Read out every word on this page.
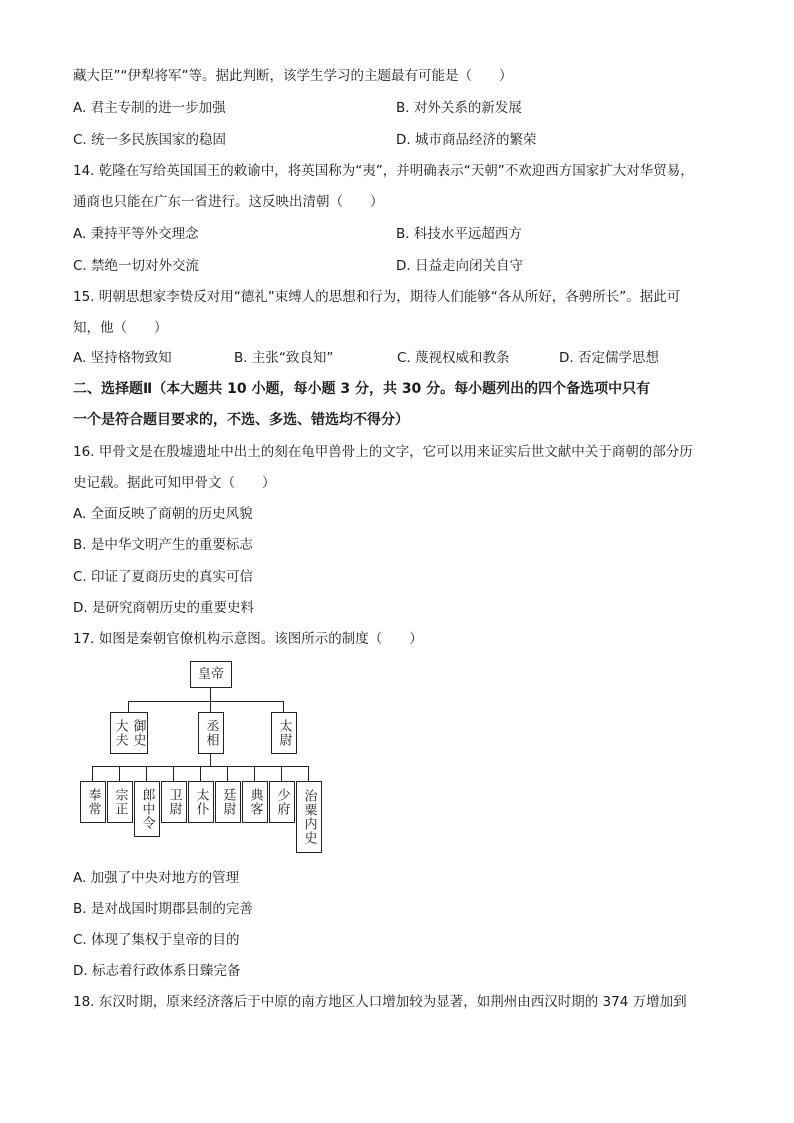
藏大臣”“伊犁将军”等。据此判断，该学生学习的主题最有可能是（　　）
A. 君主专制的进一步加强	B. 对外关系的新发展
C. 统一多民族国家的稳固	D. 城市商品经济的繁荣
14. 乾隆在写给英国国王的敕谕中，将英国称为“夷”，并明确表示“天朝”不欢迎西方国家扩大对华贸易，
通商也只能在广东一省进行。这反映出清朝（　　）
A. 秉持平等外交理念	B. 科技水平远超西方
C. 禁绝一切对外交流	D. 日益走向闭关自守
15. 明朝思想家李贽反对用“德礼”束缚人的思想和行为，期待人们能够“各从所好，各骋所长”。据此可
知，他（　　）
A. 坚持格物致知	B. 主张“致良知”	C. 蔑视权威和教条	D. 否定儒学思想
二、选择题Ⅱ（本大题共 10 小题，每小题 3 分，共 30 分。每小题列出的四个备选项中只有
一个是符合题目要求的，不选、多选、错选均不得分）
16. 甲骨文是在殷墟遗址中出土的刻在龟甲兽骨上的文字，它可以用来证实后世文献中关于商朝的部分历
史记载。据此可知甲骨文（　　）
A. 全面反映了商朝的历史风貌
B. 是中华文明产生的重要标志
C. 印证了夏商历史的真实可信
D. 是研究商朝历史的重要史料
17. 如图是秦朝官僚机构示意图。该图所示的制度（　　）
皇帝
御史
大夫	丞相	太尉
奉常 宗正 郎中令 卫尉 太仆 廷尉 典客 少府 治粟内史
A. 加强了中央对地方的管理
B. 是对战国时期郡县制的完善
C. 体现了集权于皇帝的目的
D. 标志着行政体系日臻完备
18. 东汉时期，原来经济落后于中原的南方地区人口增加较为显著，如荆州由西汉时期的 374 万增加到
